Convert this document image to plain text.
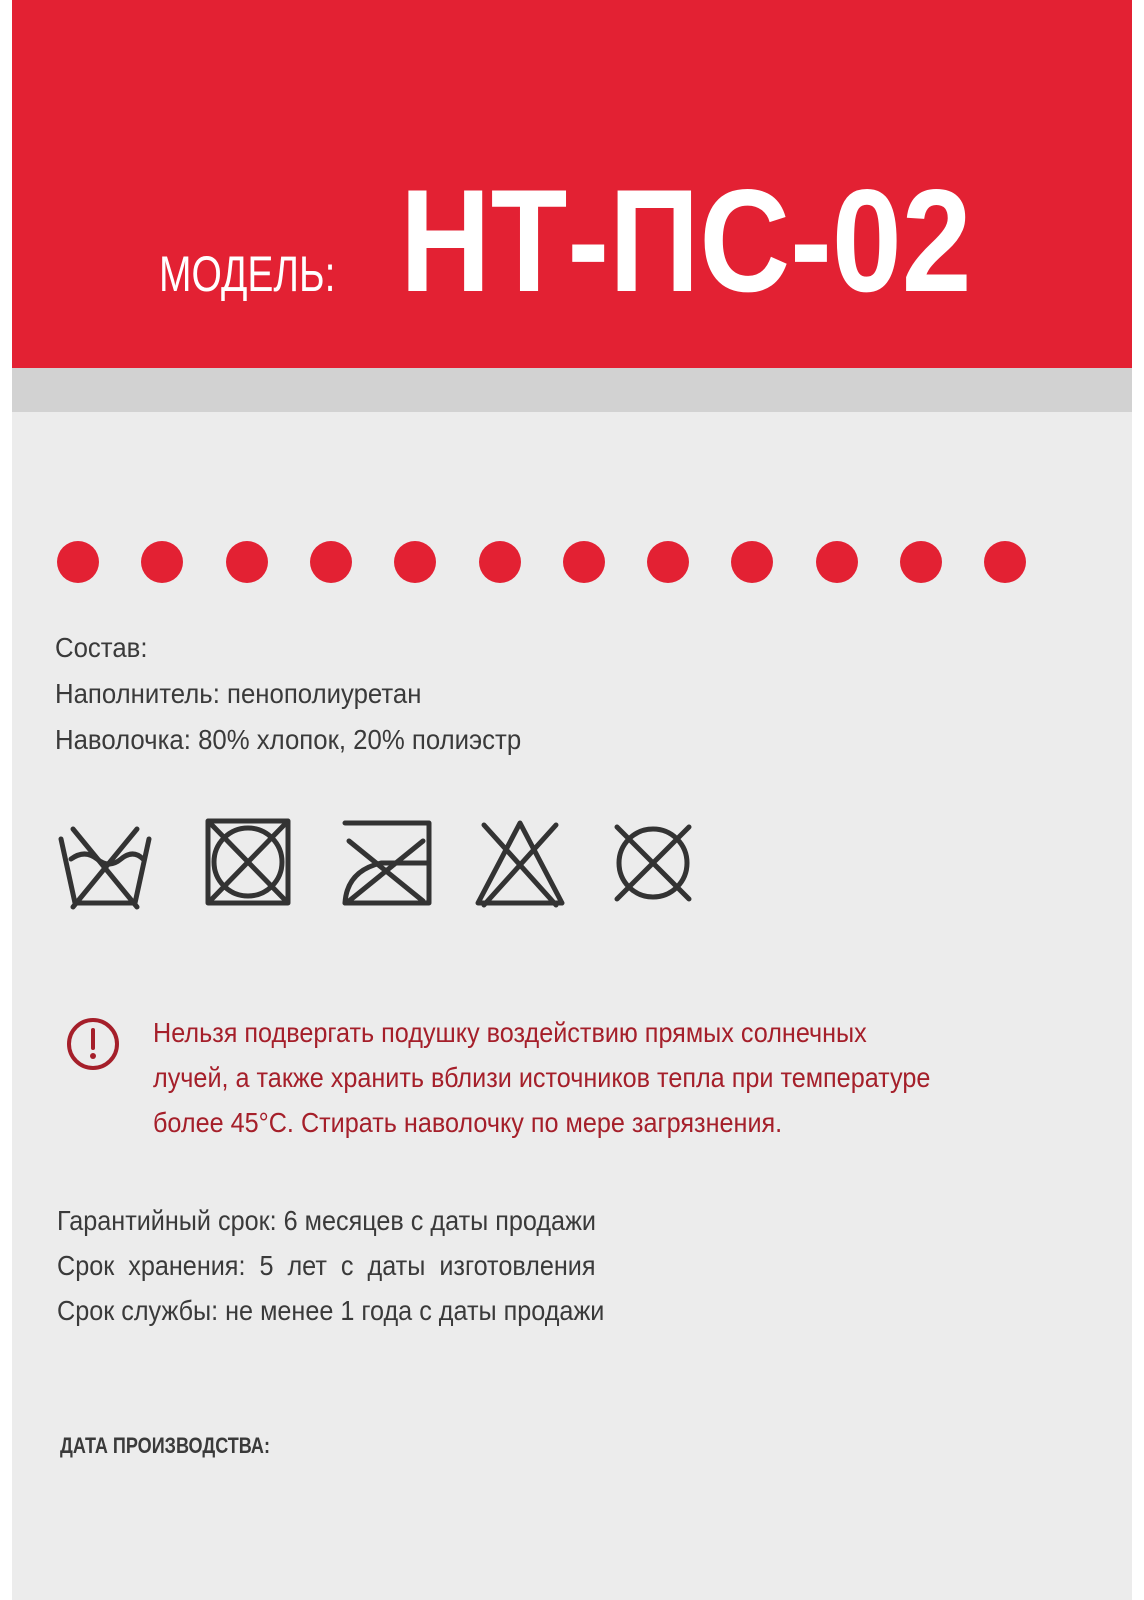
МОДЕЛЬ: НТ-ПС-02
Состав:
Наполнитель: пенополиуретан
Наволочка: 80% хлопок, 20% полиэстр
Нельзя подвергать подушку воздействию прямых солнечных
лучей, а также хранить вблизи источников тепла при температуре
более 45°С. Стирать наволочку по мере загрязнения.
Гарантийный срок: 6 месяцев с даты продажи
Срок  хранения:  5  лет  с  даты  изготовления
Срок службы: не менее 1 года с даты продажи
ДАТА ПРОИЗВОДСТВА:
